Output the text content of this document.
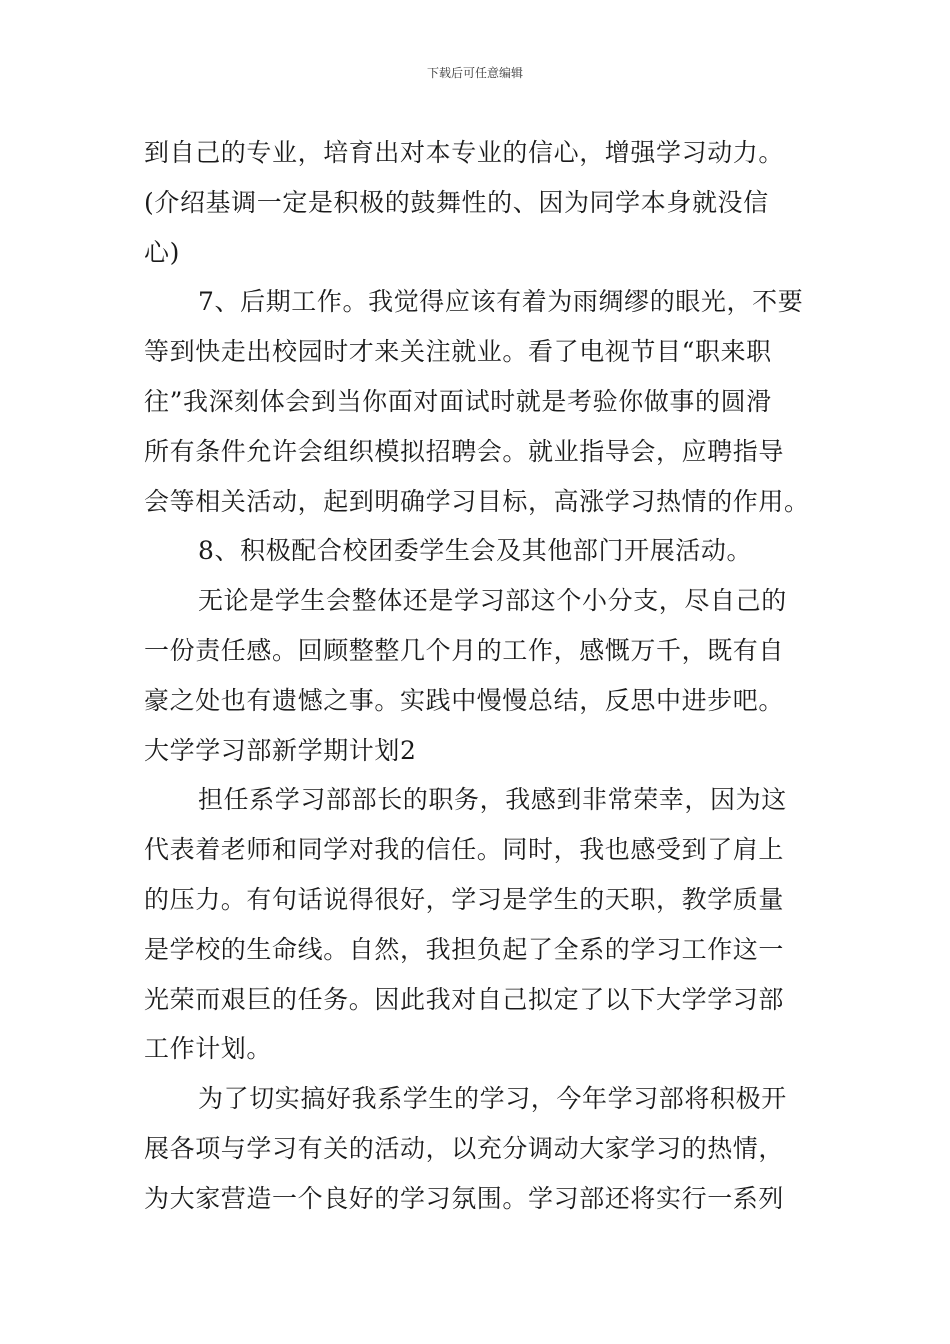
下载后可任意编辑
到自己的专业，培育出对本专业的信心，增强学习动力。
(介绍基调一定是积极的鼓舞性的、因为同学本身就没信
心)
7、后期工作。我觉得应该有着为雨绸缪的眼光，不要
等到快走出校园时才来关注就业。看了电视节目“职来职
往”我深刻体会到当你面对面试时就是考验你做事的圆滑
所有条件允许会组织模拟招聘会。就业指导会，应聘指导
会等相关活动，起到明确学习目标，高涨学习热情的作用。
8、积极配合校团委学生会及其他部门开展活动。
无论是学生会整体还是学习部这个小分支，尽自己的
一份责任感。回顾整整几个月的工作，感慨万千，既有自
豪之处也有遗憾之事。实践中慢慢总结，反思中进步吧。
大学学习部新学期计划2
担任系学习部部长的职务，我感到非常荣幸，因为这
代表着老师和同学对我的信任。同时，我也感受到了肩上
的压力。有句话说得很好，学习是学生的天职，教学质量
是学校的生命线。自然，我担负起了全系的学习工作这一
光荣而艰巨的任务。因此我对自己拟定了以下大学学习部
工作计划。
为了切实搞好我系学生的学习，今年学习部将积极开
展各项与学习有关的活动，以充分调动大家学习的热情，
为大家营造一个良好的学习氛围。学习部还将实行一系列
